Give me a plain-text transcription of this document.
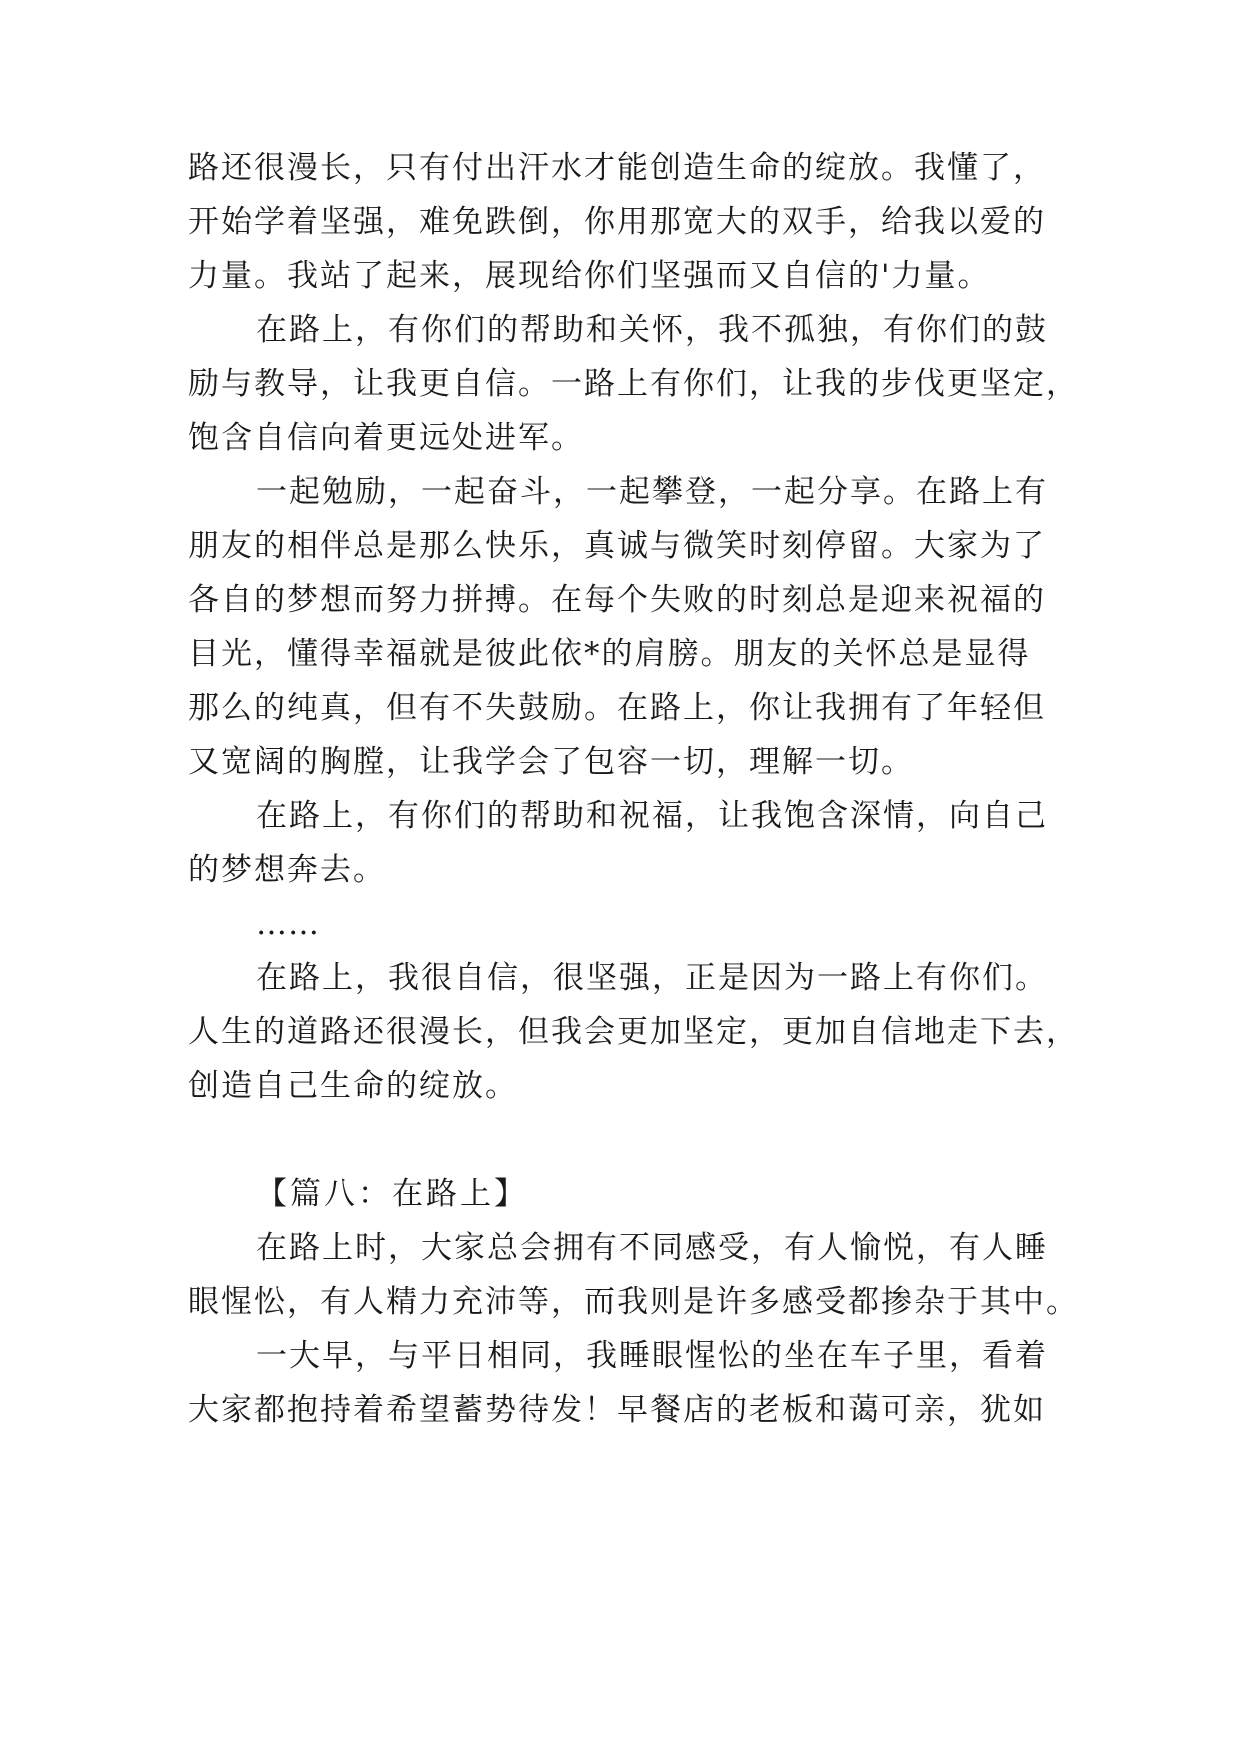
路还很漫长，只有付出汗水才能创造生命的绽放。我懂了，
开始学着坚强，难免跌倒，你用那宽大的双手，给我以爱的
力量。我站了起来，展现给你们坚强而又自信的'力量。
在路上，有你们的帮助和关怀，我不孤独，有你们的鼓
励与教导，让我更自信。一路上有你们，让我的步伐更坚定，
饱含自信向着更远处进军。
一起勉励，一起奋斗，一起攀登，一起分享。在路上有
朋友的相伴总是那么快乐，真诚与微笑时刻停留。大家为了
各自的梦想而努力拼搏。在每个失败的时刻总是迎来祝福的
目光，懂得幸福就是彼此依*的肩膀。朋友的关怀总是显得
那么的纯真，但有不失鼓励。在路上，你让我拥有了年轻但
又宽阔的胸膛，让我学会了包容一切，理解一切。
在路上，有你们的帮助和祝福，让我饱含深情，向自己
的梦想奔去。
……
在路上，我很自信，很坚强，正是因为一路上有你们。
人生的道路还很漫长，但我会更加坚定，更加自信地走下去，
创造自己生命的绽放。
【篇八：在路上】
在路上时，大家总会拥有不同感受，有人愉悦，有人睡
眼惺忪，有人精力充沛等，而我则是许多感受都掺杂于其中。
一大早，与平日相同，我睡眼惺忪的坐在车子里，看着
大家都抱持着希望蓄势待发！早餐店的老板和蔼可亲，犹如
